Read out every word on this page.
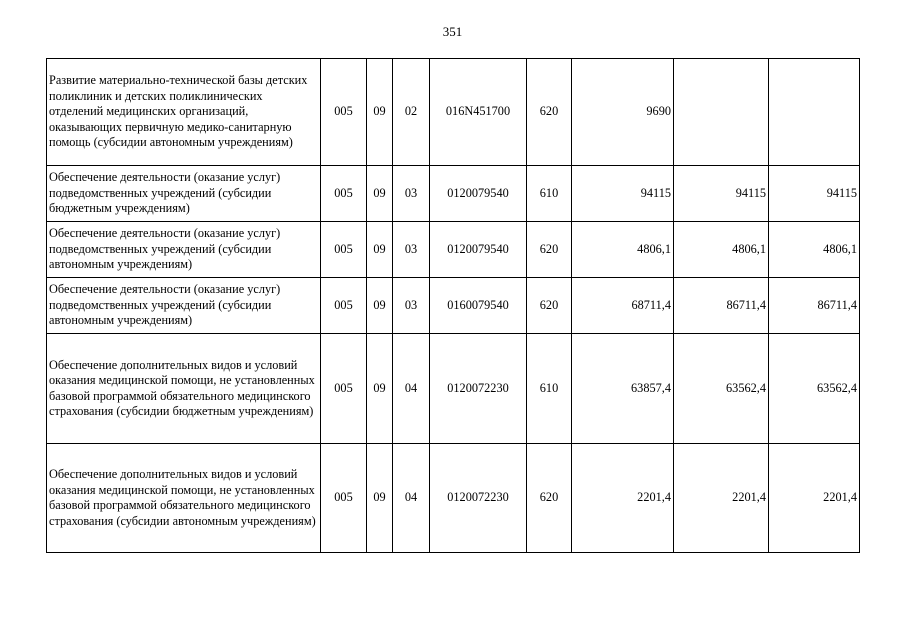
351
Развитие материально-технической базы детских поликлиник и детских поликлинических отделений медицинских организаций, оказывающих первичную медико-санитарную помощь (субсидии автономным учреждениям)	005	09	02	016N451700	620	9690		
Обеспечение деятельности (оказание услуг) подведомственных учреждений (субсидии бюджетным учреждениям)	005	09	03	0120079540	610	94115	94115	94115
Обеспечение деятельности (оказание услуг) подведомственных учреждений (субсидии автономным учреждениям)	005	09	03	0120079540	620	4806,1	4806,1	4806,1
Обеспечение деятельности (оказание услуг) подведомственных учреждений (субсидии автономным учреждениям)	005	09	03	0160079540	620	68711,4	86711,4	86711,4
Обеспечение дополнительных видов и условий оказания медицинской помощи, не установленных базовой программой обязательного медицинского страхования (субсидии бюджетным учреждениям)	005	09	04	0120072230	610	63857,4	63562,4	63562,4
Обеспечение дополнительных видов и условий оказания медицинской помощи, не установленных базовой программой обязательного медицинского страхования (субсидии автономным учреждениям)	005	09	04	0120072230	620	2201,4	2201,4	2201,4
